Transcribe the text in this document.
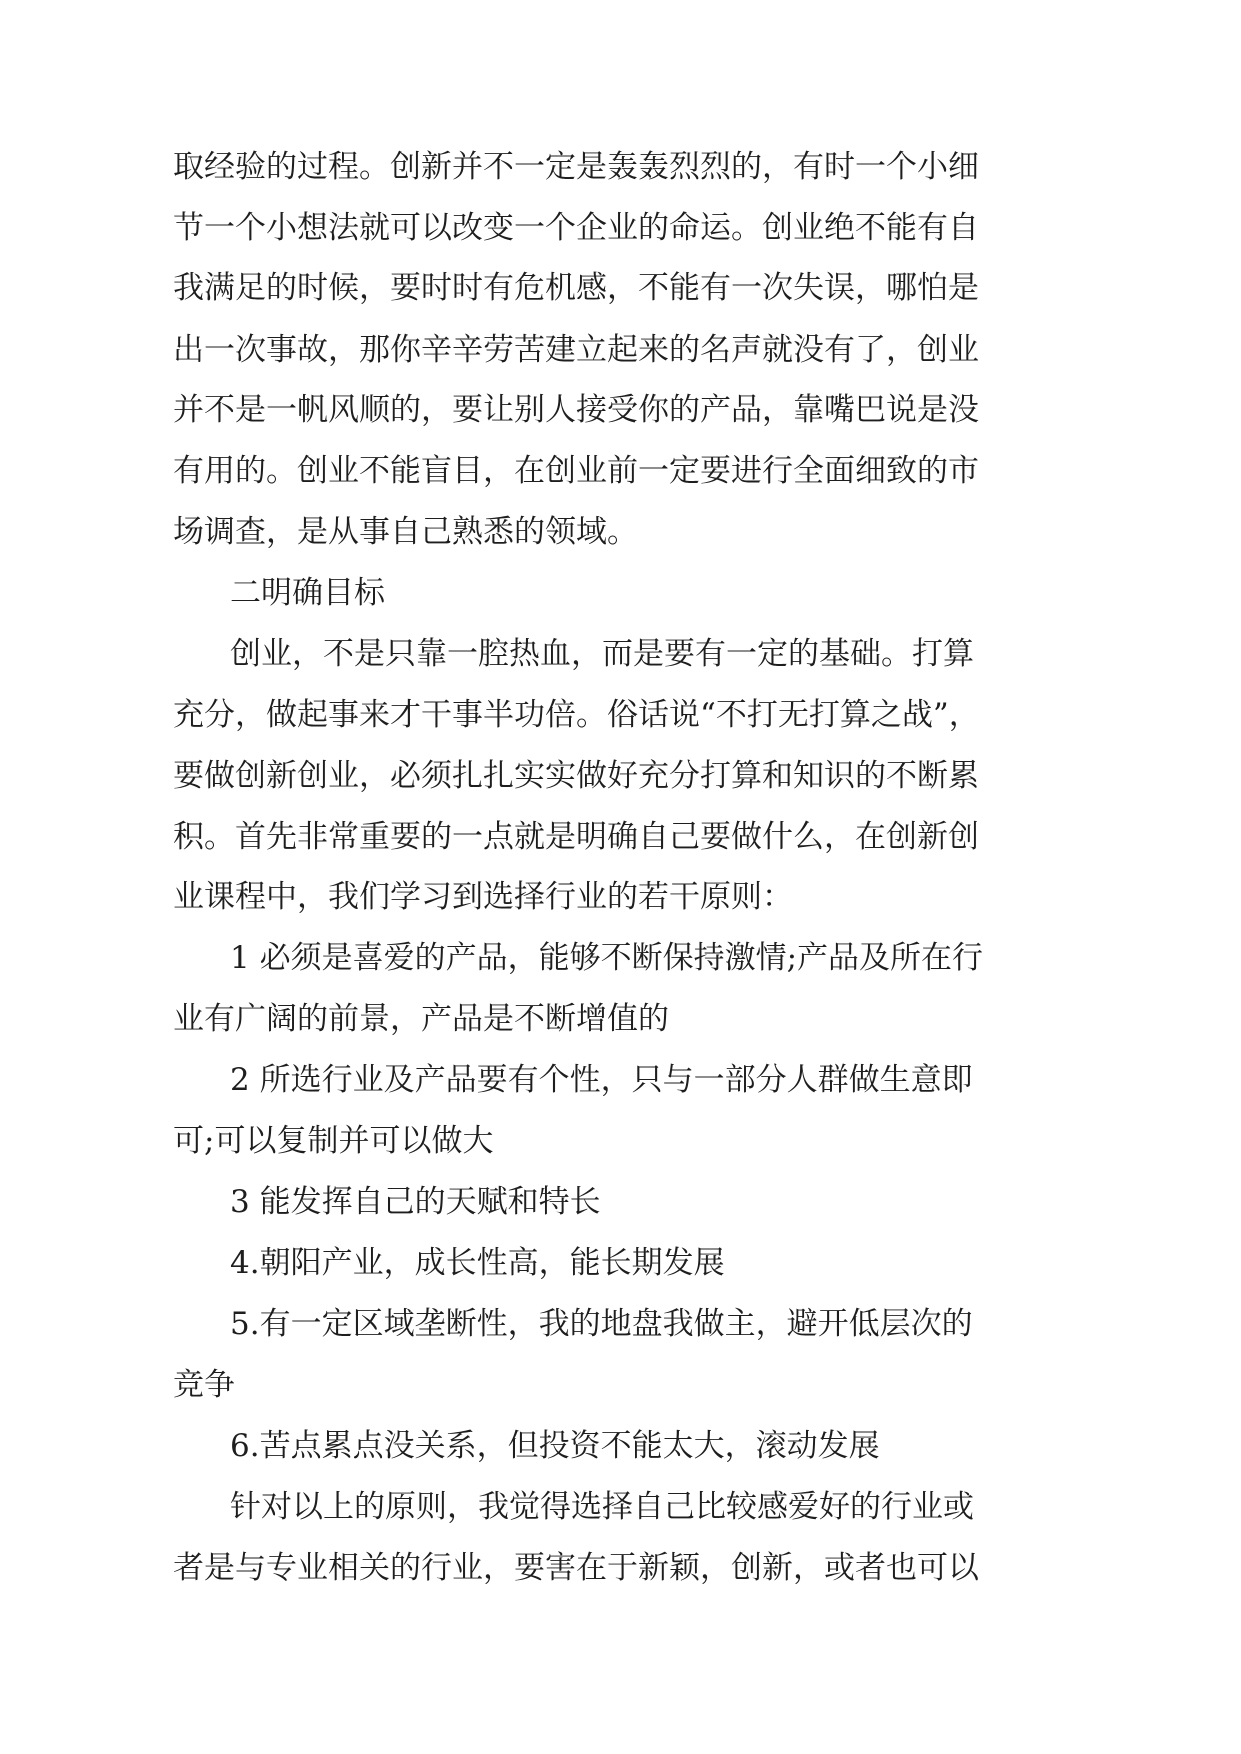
取经验的过程。创新并不一定是轰轰烈烈的，有时一个小细
节一个小想法就可以改变一个企业的命运。创业绝不能有自
我满足的时候，要时时有危机感，不能有一次失误，哪怕是
出一次事故，那你辛辛劳苦建立起来的名声就没有了，创业
并不是一帆风顺的，要让别人接受你的产品，靠嘴巴说是没
有用的。创业不能盲目，在创业前一定要进行全面细致的市
场调查，是从事自己熟悉的领域。
二明确目标
创业，不是只靠一腔热血，而是要有一定的基础。打算
充分，做起事来才干事半功倍。俗话说“不打无打算之战”，
要做创新创业，必须扎扎实实做好充分打算和知识的不断累
积。首先非常重要的一点就是明确自己要做什么，在创新创
业课程中，我们学习到选择行业的若干原则：
1 必须是喜爱的产品，能够不断保持激情;产品及所在行
业有广阔的前景，产品是不断增值的
2 所选行业及产品要有个性，只与一部分人群做生意即
可;可以复制并可以做大
3 能发挥自己的天赋和特长
4.朝阳产业，成长性高，能长期发展
5.有一定区域垄断性，我的地盘我做主，避开低层次的
竞争
6.苦点累点没关系，但投资不能太大，滚动发展
针对以上的原则，我觉得选择自己比较感爱好的行业或
者是与专业相关的行业，要害在于新颖，创新，或者也可以
